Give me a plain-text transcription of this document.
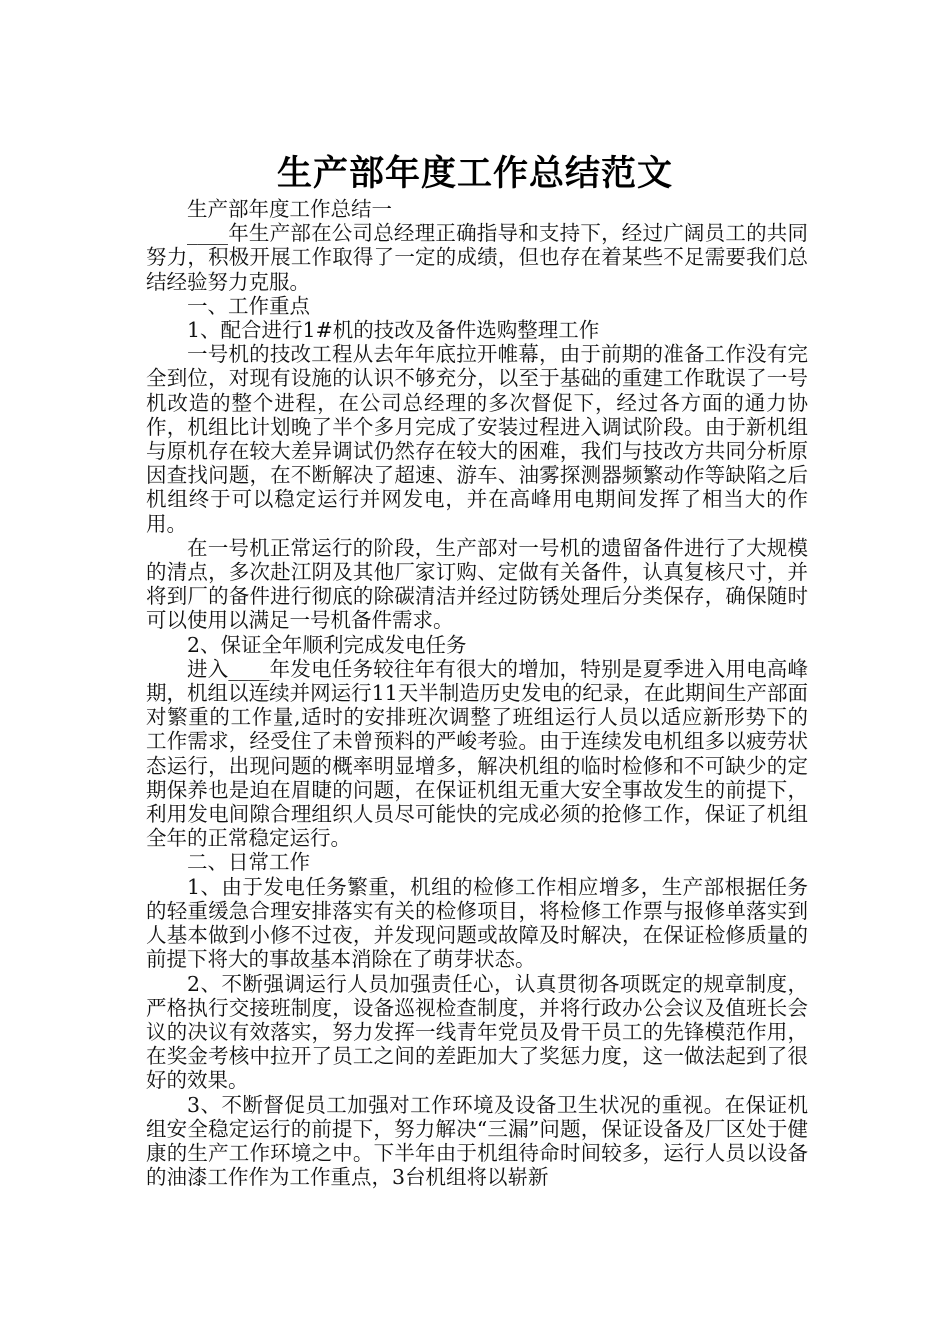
生产部年度工作总结范文

生产部年度工作总结一

____年生产部在公司总经理正确指导和支持下，经过广阔员工的共同努力，积极开展工作取得了一定的成绩，但也存在着某些不足需要我们总结经验努力克服。

一、工作重点

1、配合进行1#机的技改及备件选购整理工作

一号机的技改工程从去年年底拉开帷幕，由于前期的准备工作没有完全到位，对现有设施的认识不够充分，以至于基础的重建工作耽误了一号机改造的整个进程，在公司总经理的多次督促下，经过各方面的通力协作，机组比计划晚了半个多月完成了安装过程进入调试阶段。由于新机组与原机存在较大差异调试仍然存在较大的困难，我们与技改方共同分析原因查找问题，在不断解决了超速、游车、油雾探测器频繁动作等缺陷之后机组终于可以稳定运行并网发电，并在高峰用电期间发挥了相当大的作用。

在一号机正常运行的阶段，生产部对一号机的遗留备件进行了大规模的清点，多次赴江阴及其他厂家订购、定做有关备件，认真复核尺寸，并将到厂的备件进行彻底的除碳清洁并经过防锈处理后分类保存，确保随时可以使用以满足一号机备件需求。

2、保证全年顺利完成发电任务

进入____年发电任务较往年有很大的增加，特别是夏季进入用电高峰期，机组以连续并网运行11天半制造历史发电的纪录，在此期间生产部面对繁重的工作量,适时的安排班次调整了班组运行人员以适应新形势下的工作需求，经受住了未曾预料的严峻考验。由于连续发电机组多以疲劳状态运行，出现问题的概率明显增多，解决机组的临时检修和不可缺少的定期保养也是迫在眉睫的问题，在保证机组无重大安全事故发生的前提下，利用发电间隙合理组织人员尽可能快的完成必须的抢修工作，保证了机组全年的正常稳定运行。

二、日常工作

1、由于发电任务繁重，机组的检修工作相应增多，生产部根据任务的轻重缓急合理安排落实有关的检修项目，将检修工作票与报修单落实到人基本做到小修不过夜，并发现问题或故障及时解决，在保证检修质量的前提下将大的事故基本消除在了萌芽状态。

2、不断强调运行人员加强责任心，认真贯彻各项既定的规章制度，严格执行交接班制度，设备巡视检查制度，并将行政办公会议及值班长会议的决议有效落实，努力发挥一线青年党员及骨干员工的先锋模范作用，在奖金考核中拉开了员工之间的差距加大了奖惩力度，这一做法起到了很好的效果。

3、不断督促员工加强对工作环境及设备卫生状况的重视。在保证机组安全稳定运行的前提下，努力解决“三漏”问题，保证设备及厂区处于健康的生产工作环境之中。下半年由于机组待命时间较多，运行人员以设备的油漆工作作为工作重点，3台机组将以崭新
